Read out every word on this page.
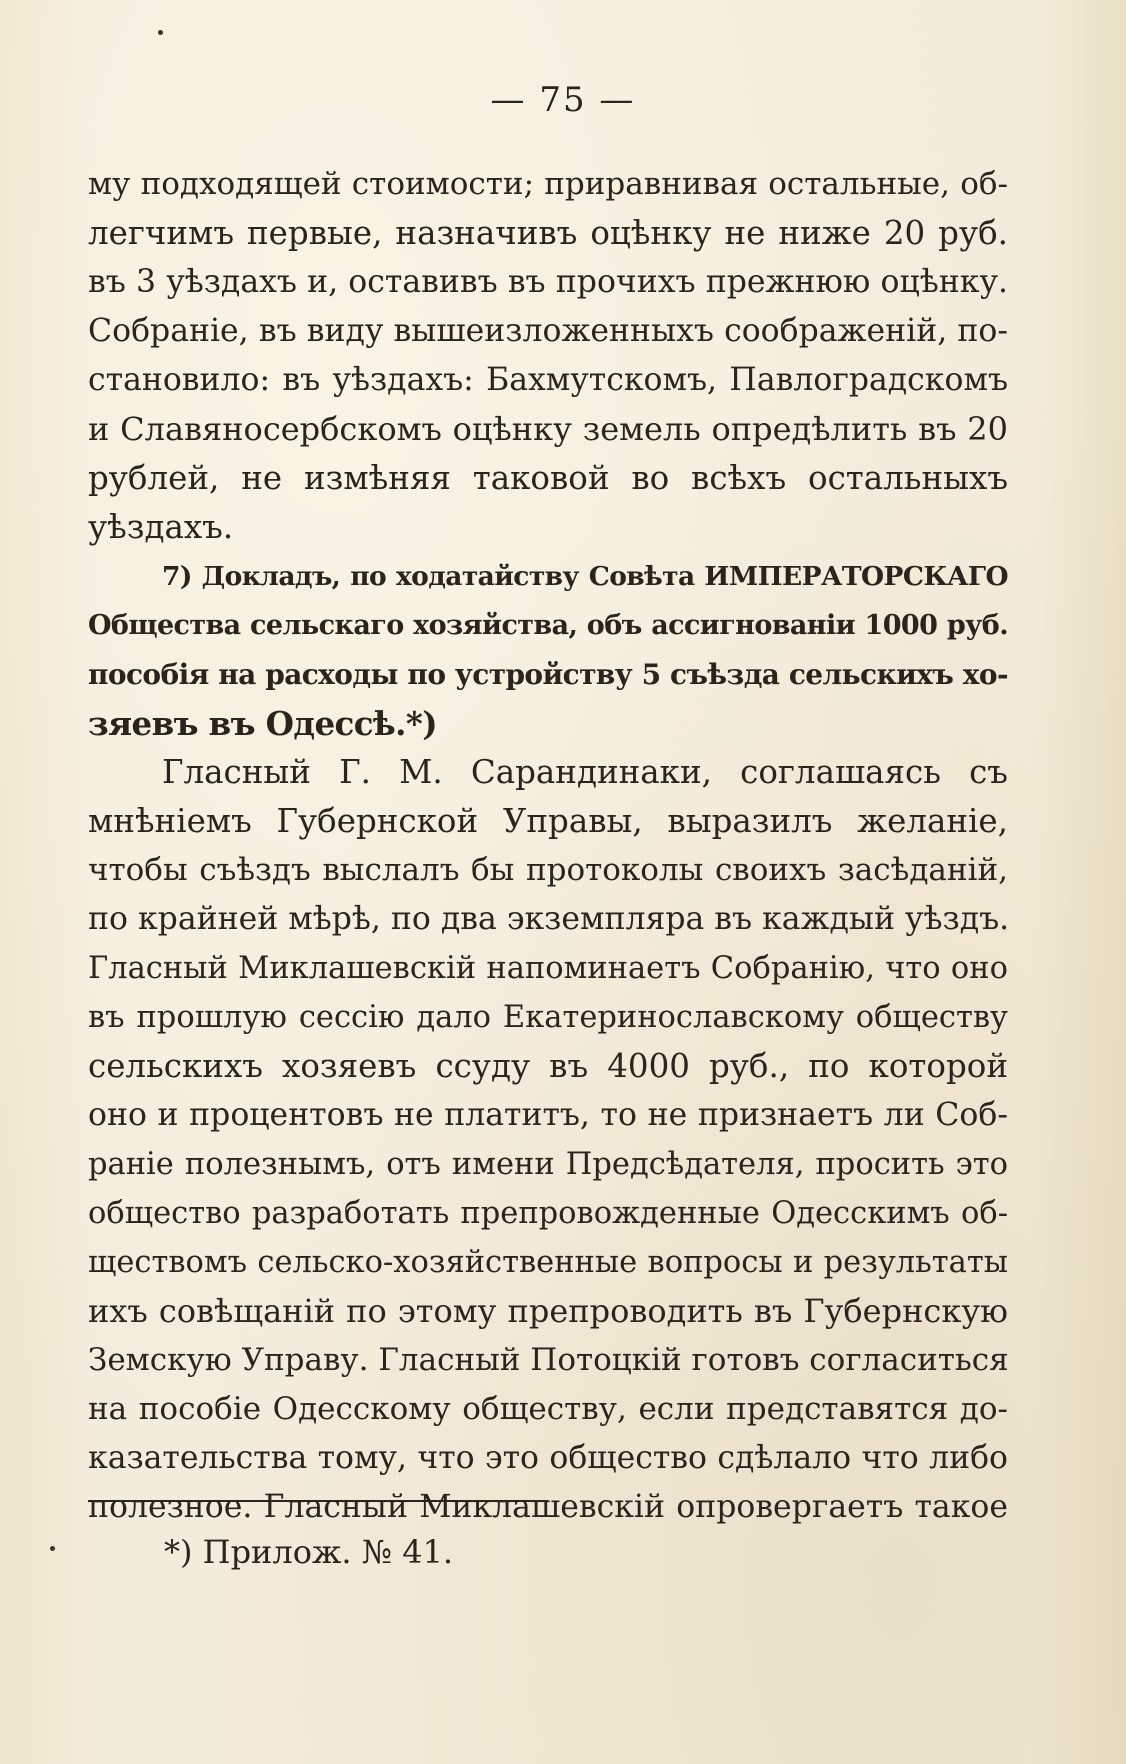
— 75 —
му подходящей стоимости; приравнивая остальные, об-
легчимъ первые, назначивъ оцѣнку не ниже 20 руб.
въ 3 уѣздахъ и, оставивъ въ прочихъ прежнюю оцѣнку.
Собраніе, въ виду вышеизложенныхъ соображеній, по-
становило: въ уѣздахъ: Бахмутскомъ, Павлоградскомъ
и Славяносербскомъ оцѣнку земель опредѣлить въ 20
рублей, не измѣняя таковой во всѣхъ остальныхъ
уѣздахъ.
7) Докладъ, по ходатайству Совѣта ИМПЕРАТОРСКАГО
Общества сельскаго хозяйства, объ ассигнованіи 1000 руб.
пособія на расходы по устройству 5 съѣзда сельскихъ хо-
зяевъ въ Одессѣ.*)
Гласный Г. М. Сарандинаки, соглашаясь съ
мнѣніемъ Губернской Управы, выразилъ желаніе,
чтобы съѣздъ выслалъ бы протоколы своихъ засѣданій,
по крайней мѣрѣ, по два экземпляра въ каждый уѣздъ.
Гласный Миклашевскій напоминаетъ Собранію, что оно
въ прошлую сессію дало Екатеринославскому обществу
сельскихъ хозяевъ ссуду въ 4000 руб., по которой
оно и процентовъ не платитъ, то не признаетъ ли Соб-
раніе полезнымъ, отъ имени Предсѣдателя, просить это
общество разработать препровожденные Одесскимъ об-
ществомъ сельско-хозяйственные вопросы и результаты
ихъ совѣщаній по этому препроводить въ Губернскую
Земскую Управу. Гласный Потоцкій готовъ согласиться
на пособіе Одесскому обществу, если представятся до-
казательства тому, что это общество сдѣлало что либо
полезное. Гласный Миклашевскій опровергаетъ такое
*) Прилож. № 41.
